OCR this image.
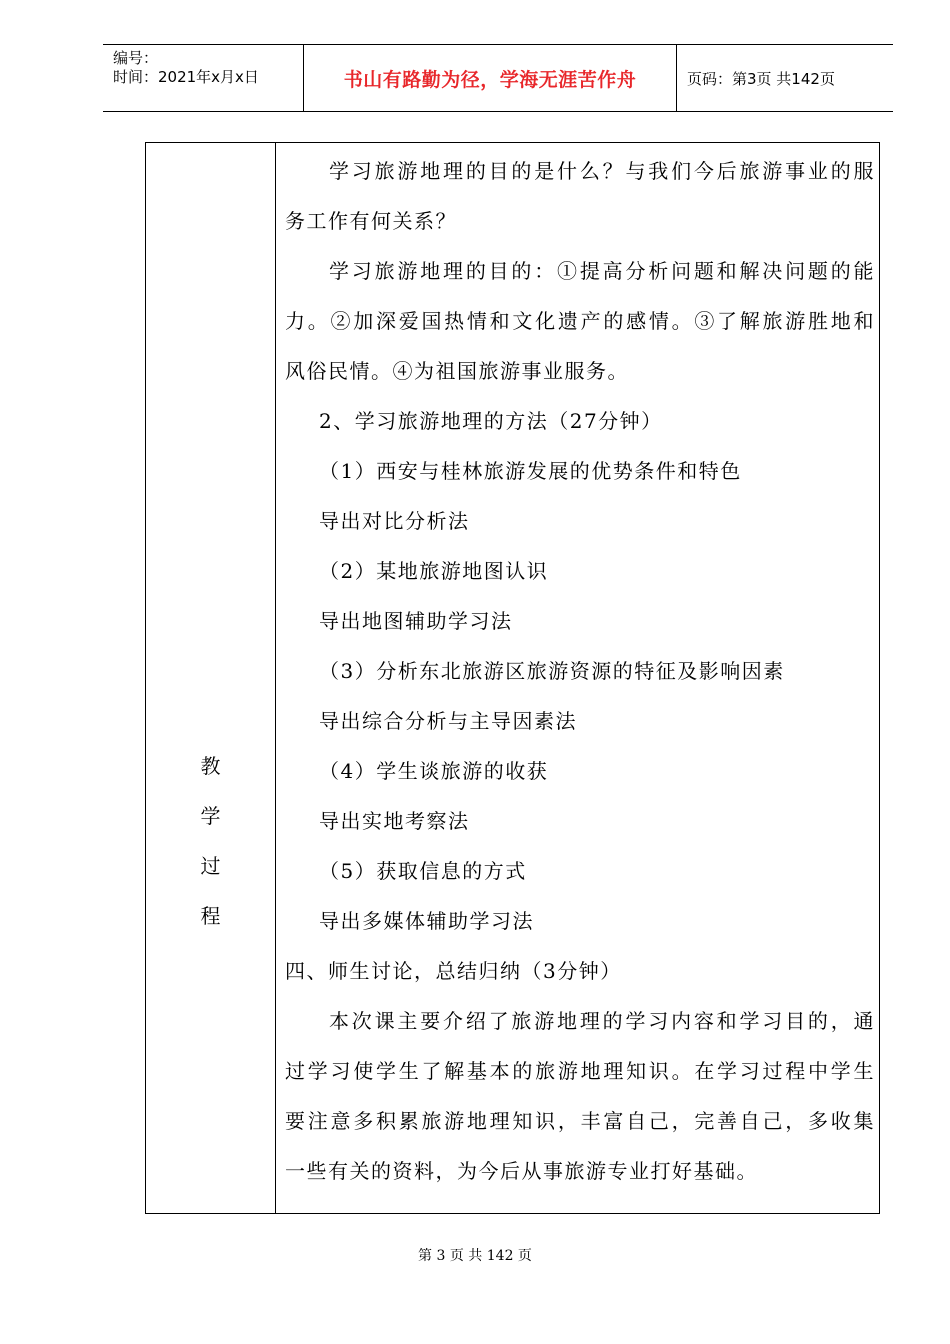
编号：
时间：2021年x月x日	书山有路勤为径，学海无涯苦作舟	页码：第3页 共142页
教
学
过
程
学习旅游地理的目的是什么？与我们今后旅游事业的服
务工作有何关系？
学习旅游地理的目的：①提高分析问题和解决问题的能
力。②加深爱国热情和文化遗产的感情。③了解旅游胜地和
风俗民情。④为祖国旅游事业服务。
2、学习旅游地理的方法（27分钟）
（1）西安与桂林旅游发展的优势条件和特色
导出对比分析法
（2）某地旅游地图认识
导出地图辅助学习法
（3）分析东北旅游区旅游资源的特征及影响因素
导出综合分析与主导因素法
（4）学生谈旅游的收获
导出实地考察法
（5）获取信息的方式
导出多媒体辅助学习法
四、师生讨论，总结归纳（3分钟）
本次课主要介绍了旅游地理的学习内容和学习目的，通
过学习使学生了解基本的旅游地理知识。在学习过程中学生
要注意多积累旅游地理知识，丰富自己，完善自己，多收集
一些有关的资料，为今后从事旅游专业打好基础。
第 3 页 共 142 页
